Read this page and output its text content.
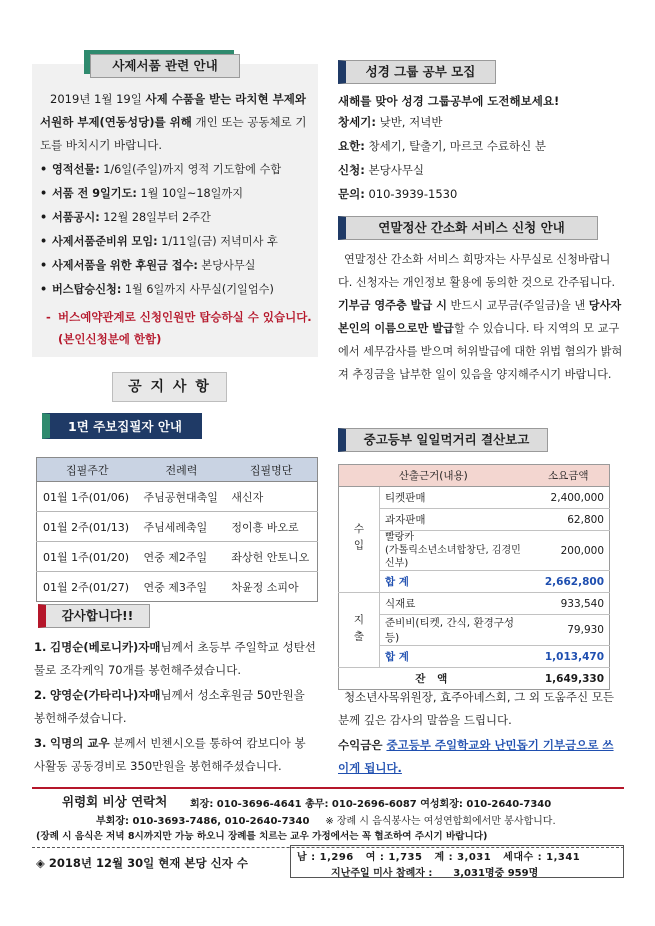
사제서품 관련 안내
2019년 1월 19일 사제 수품을 받는 라치현 부제와 서원하 부제(연동성당)를 위해 개인 또는 공동체로 기도를 바치시기 바랍니다.
• 영적선물: 1/6일(주일)까지 영적 기도함에 수합
• 서품 전 9일기도: 1월 10일~18일까지
• 서품공시: 12월 28일부터 2주간
• 사제서품준비위 모임: 1/11일(금) 저녁미사 후
• 사제서품을 위한 후원금 접수: 본당사무실
• 버스탑승신청: 1월 6일까지 사무실(기일엄수)
- 버스예약관계로 신청인원만 탑승하실 수 있습니다. (본인신청분에 한함)
공 지 사 항
1면 주보집필자 안내
집필주간	전례력	집필명단
01월 1주(01/06)	주님공현대축일	새신자
01월 2주(01/13)	주님세례축일	정이흥 바오로
01월 1주(01/20)	연중 제2주일	좌상헌 안토니오
01월 2주(01/27)	연중 제3주일	차윤정 소피아
감사합니다!!
1. 김명순(베로니카)자매님께서 초등부 주일학교 성탄선물로 조각케익 70개를 봉헌해주셨습니다.
2. 양영순(가타리나)자매님께서 성소후원금 50만원을 봉헌해주셨습니다.
3. 익명의 교우 분께서 빈첸시오를 통하여 캄보디아 봉사활동 공동경비로 350만원을 봉헌해주셨습니다.
성경 그룹 공부 모집
새해를 맞아 성경 그룹공부에 도전해보세요!
창세기: 낮반, 저녁반
요한: 창세기, 탈출기, 마르코 수료하신 분
신청: 본당사무실
문의: 010-3939-1530
연말정산 간소화 서비스 신청 안내
연말정산 간소화 서비스 희망자는 사무실로 신청바랍니다. 신청자는 개인정보 활용에 동의한 것으로 간주됩니다. 기부금 영주층 발급 시 반드시 교무금(주일금)을 낸 당사자 본인의 이름으로만 발급할 수 있습니다. 타 지역의 모 교구에서 세무감사를 받으며 허위발급에 대한 위법 혐의가 밝혀져 추징금을 납부한 일이 있음을 양지해주시기 바랍니다.
중고등부 일일먹거리 결산보고
산출근거(내용)		소요금액
수입	티켓판매	2,400,000
	과자판매	62,800
	빨랑카
(가톨릭소년소녀합창단, 김경민신부)	200,000
	합 계	2,662,800
지출	식재료	933,540
	준비비(티켓, 간식, 환경구성 등)	79,930
	합 계	1,013,470
잔 액		1,649,330
청소년사목위원장, 효주아녜스회, 그 외 도움주신 모든 분께 깊은 감사의 말씀을 드립니다.
수익금은 중고등부 주일학교와 난민돕기 기부금으로 쓰이게 됩니다.
위령회 비상 연락처 회장: 010-3696-4641 총무: 010-2696-6087 여성회장: 010-2640-7340
부회장: 010-3693-7486, 010-2640-7340 ※ 장례 시 음식봉사는 여성연합회에서만 봉사합니다.
(장례 시 음식은 저녁 8시까지만 가능 하오니 장례를 치르는 교우 가정에서는 꼭 협조하여 주시기 바랍니다)
◈ 2018년 12월 30일 현재 본당 신자 수	남 : 1,296 여 : 1,735 계 : 3,031 세대수 : 1,341
지난주일 미사 참례자 : 3,031명중 959명
